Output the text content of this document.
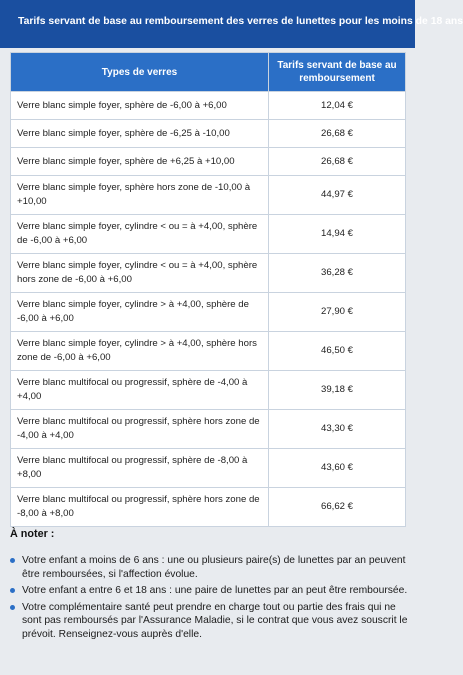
Tarifs servant de base au remboursement des verres de lunettes pour les moins de 18 ans
Types de verres	Tarifs servant de base au remboursement
Verre blanc simple foyer, sphère de -6,00 à +6,00	12,04 €
Verre blanc simple foyer, sphère de -6,25 à -10,00	26,68 €
Verre blanc simple foyer, sphère de +6,25 à +10,00	26,68 €
Verre blanc simple foyer, sphère hors zone de -10,00 à +10,00	44,97 €
Verre blanc simple foyer, cylindre < ou = à +4,00, sphère de -6,00 à +6,00	14,94 €
Verre blanc simple foyer, cylindre < ou = à +4,00, sphère hors zone de -6,00 à +6,00	36,28 €
Verre blanc simple foyer, cylindre > à +4,00, sphère de -6,00 à +6,00	27,90 €
Verre blanc simple foyer, cylindre > à +4,00, sphère hors zone de -6,00 à +6,00	46,50 €
Verre blanc multifocal ou progressif, sphère de -4,00 à +4,00	39,18 €
Verre blanc multifocal ou progressif, sphère hors zone de -4,00 à +4,00	43,30 €
Verre blanc multifocal ou progressif, sphère de -8,00 à +8,00	43,60 €
Verre blanc multifocal ou progressif, sphère hors zone de -8,00 à +8,00	66,62 €
À noter :
Votre enfant a moins de 6 ans : une ou plusieurs paire(s) de lunettes par an peuvent être remboursées, si l'affection évolue.
Votre enfant a entre 6 et 18 ans : une paire de lunettes par an peut être remboursée.
Votre complémentaire santé peut prendre en charge tout ou partie des frais qui ne sont pas remboursés par l'Assurance Maladie, si le contrat que vous avez souscrit le prévoit. Renseignez-vous auprès d'elle.
